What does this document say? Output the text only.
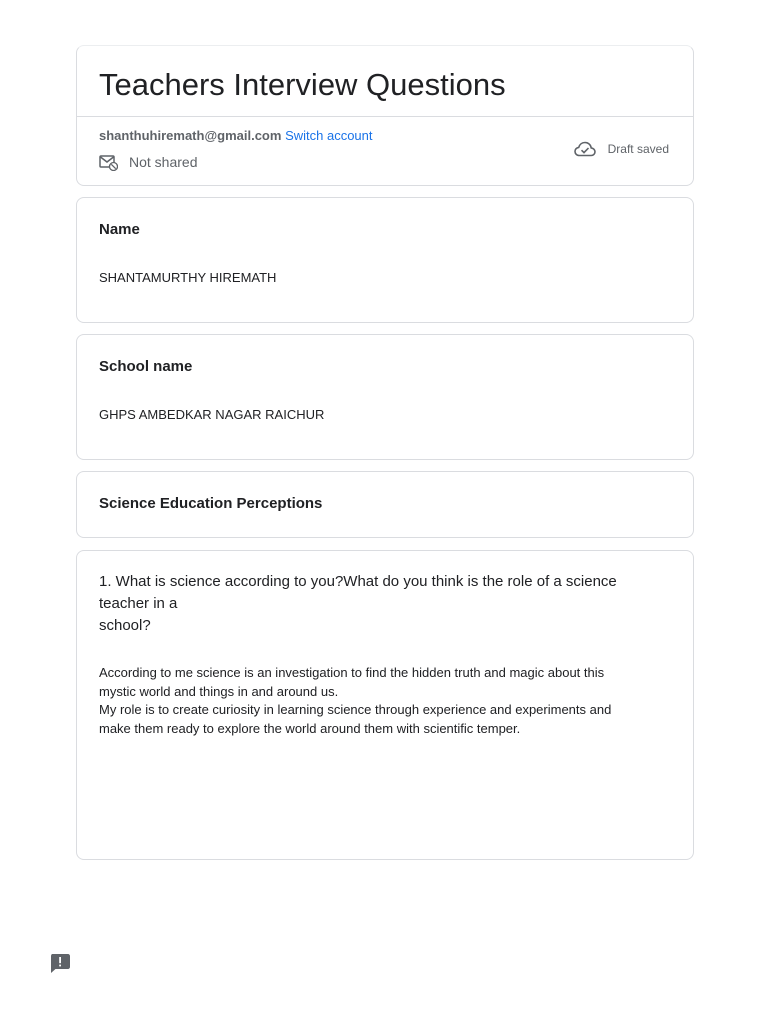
Teachers Interview Questions
shanthuhiremath@gmail.com Switch account
Not shared
Draft saved
Name
SHANTAMURTHY HIREMATH
School name
GHPS AMBEDKAR NAGAR RAICHUR
Science Education Perceptions
1. What is science according to you?What do you think is the role of a science
teacher in a
school?
According to me science is an investigation to find the hidden truth and magic about this
mystic world and things in and around us.
My role is to create curiosity in learning science through experience and experiments and
make them ready to explore the world around them with scientific temper.
